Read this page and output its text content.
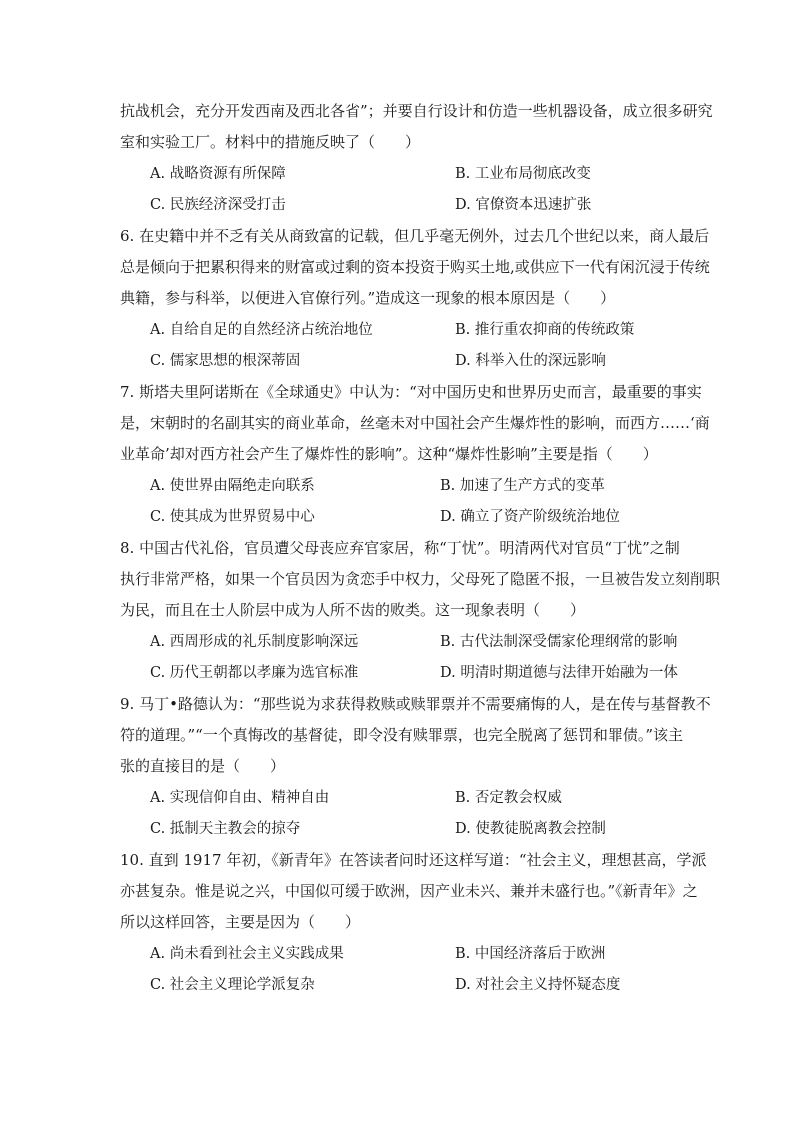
抗战机会，充分开发西南及西北各省”；并要自行设计和仿造一些机器设备，成立很多研究
室和实验工厂。材料中的措施反映了（　　）
A. 战略资源有所保障	B. 工业布局彻底改变
C. 民族经济深受打击	D. 官僚资本迅速扩张
6. 在史籍中并不乏有关从商致富的记载，但几乎毫无例外，过去几个世纪以来，商人最后
总是倾向于把累积得来的财富或过剩的资本投资于购买土地,或供应下一代有闲沉浸于传统
典籍，参与科举，以便进入官僚行列。”造成这一现象的根本原因是（　　）
A. 自给自足的自然经济占统治地位	B. 推行重农抑商的传统政策
C. 儒家思想的根深蒂固	D. 科举入仕的深远影响
7. 斯塔夫里阿诺斯在《全球通史》中认为：“对中国历史和世界历史而言，最重要的事实
是，宋朝时的名副其实的商业革命，丝毫未对中国社会产生爆炸性的影响，而西方……‘商
业革命’却对西方社会产生了爆炸性的影响”。这种“爆炸性影响”主要是指（　　）
A. 使世界由隔绝走向联系	B. 加速了生产方式的变革
C. 使其成为世界贸易中心	D. 确立了资产阶级统治地位
8. 中国古代礼俗，官员遭父母丧应弃官家居，称“丁忧”。明清两代对官员“丁忧”之制
执行非常严格，如果一个官员因为贪恋手中权力，父母死了隐匿不报，一旦被告发立刻削职
为民，而且在士人阶层中成为人所不齿的败类。这一现象表明（　　）
A. 西周形成的礼乐制度影响深远	B. 古代法制深受儒家伦理纲常的影响
C. 历代王朝都以孝廉为选官标准	D. 明清时期道德与法律开始融为一体
9. 马丁•路德认为：“那些说为求获得救赎或赎罪票并不需要痛悔的人，是在传与基督教不
符的道理。”“一个真悔改的基督徒，即令没有赎罪票，也完全脱离了惩罚和罪债。”该主
张的直接目的是（　　）
A. 实现信仰自由、精神自由	B. 否定教会权威
C. 抵制天主教会的掠夺	D. 使教徒脱离教会控制
10. 直到 1917 年初，《新青年》在答读者问时还这样写道：“社会主义，理想甚高，学派
亦甚复杂。惟是说之兴，中国似可缓于欧洲，因产业未兴、兼并未盛行也。”《新青年》之
所以这样回答，主要是因为（　　）
A. 尚未看到社会主义实践成果	B. 中国经济落后于欧洲
C. 社会主义理论学派复杂	D. 对社会主义持怀疑态度
